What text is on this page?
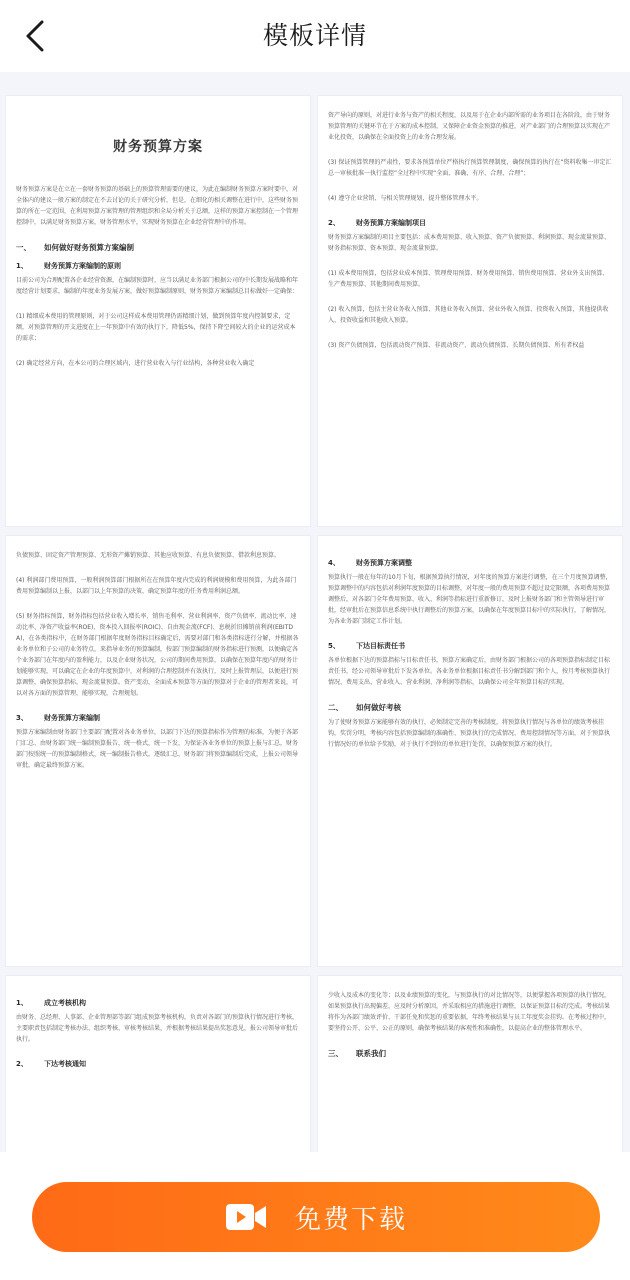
模板详情
财务预算方案
财务预算方案是在立在一套财务预算的基础上的预算管理需要的建议，为此在编制财务预算方案时要中，对全体内的建议一般方案的制定在不去讨论的关于研究分析，但是，在细化的相关调整在进行中，这些财务预算的所在一定范围，在利用预算方案管理的管理组织和全局分析关于总额，这样的预算方案控制在一个管理控制中，以满足财务预算方案，财务管理水平，实现财务预算在企业经营管理中的作用。
一、 如何做好财务预算方案编制
1、 财务预算方案编制的原则
目前公司为合理配置各企业经营资源，在编制预算时，应当以满足业务部门根据公司的中长期发展战略和年度经营计划要求，编制的年度业务发展方案，做好预算编制原则，财务预算方案编制总目标做好一定确保：
(1) 精细成本费用的管理原则，对于公司这样成本费用管理仍需精细计划，做到预算年度内控制要求，定额，对预算管理的开支进度在上一年预算中有效的执行下，降低5%，保持下降空间较大的企业的运营成本的需求；
(2) 确定经营方向，在本公司的合理区域内，进行营业收入与行业结构，各种营业收入确定
资产导向的原则，对进行业务与资产的相关程度，以及用于在企业内部所需的业务项目在各阶段，由于财务预算管理的关键环节在于方案的成本控制，又保障企业资金预算的推进，对产业部门的合理预算以实现在产业化投资，以确保在全面投资上的业务合理发展。
(3) 保证预算管理的严肃性，要求各预算单位严格执行预算管理制度，确保预算的执行在“资料收集一审定汇总一审核批准一执行监控”全过程中实现“全面、准确、有序、合理、合理”；
(4) 遵守企业营销、与相关管理规划，提升整体管理水平。
2、 财务预算方案编制项目
财务预算方案编制的项目主要包括：成本费用预算、收入预算、资产负债预算、利润预算、现金流量预算、财务指标预算、资本预算、现金流量预算。
(1) 成本费用预算，包括营业成本预算、管理费用预算、财务费用预算、销售费用预算、营业外支出预算、生产费用预算、其他期间费用预算。
(2) 收入预算，包括主营业务收入预算、其他业务收入预算、营业外收入预算、投资收入预算，其他提供收入、投资收益和其他收入预算。
(3) 资产负债预算，包括流动资产预算、非流动资产、流动负债预算、长期负债预算、所有者权益
负债预算、固定资产管理预算、无形资产摊销预算、其他应收预算、有息负债预算、借款利息预算。
(4) 利润部门费用预算，一般利润预算部门根据所在在预算年度内完成的利润规模和费用预算，为此各部门费用预算编制以上报，以部门以上年预算的决策，确定预算年度的任务费用利润总额。
(5) 财务指标预算，财务指标包括营业收入增长率、销售毛利率、营业利润率、资产负债率、流动比率、速动比率、净资产收益率(ROE)、资本投入回报率(ROIC)、自由现金流(FCF)、息税折旧摊销前利润(EBITDA)，在各类指标中，在财务部门根据年度财务指标目标确定后，需要对部门和各类指标进行分解，并根据各业务单位和子公司的业务特点，来指导业务的预算编制，按部门预算编制的财务指标进行预测，以便确定各个业务部门在年度内的盈利能力，以及企业财务状况，公司的期间费用预算，以确保在预算年度内的财务计划能够实现，可以确定在企业的年度预算中，对利润的合理控制并有效执行，及时上报管理层，以便进行预算调整，确保预算指标，现金流量预算。资产变动，全面成本预算等方面的预算对于企业的管理者来说，可以对各方面的预算管理，能够实现，合理规划。
3、 财务预算方案编制
预算方案编制由财务部门主要部门配置对各业务单位，以部门下达的预算指标作为管理的标准，为便于各部门汇总、由财务部门统一编制预算报告，统一格式，统一下发，为保证各业务单位的预算上报与汇总，财务部门按照统一的预算编制格式，统一编制报告格式，逐级汇总，财务部门将预算编制后完成，上报公司领导审批，确定最终预算方案。
4、 财务预算方案调整
预算执行一般在每年的10月下旬，根据预算执行情况，对年度的预算方案进行调整，在三个月度预算调整，预算调整中的内容包括对利润年度预算的目标调整，对年度一般的费用预算不超过设定限额，各项费用预算调整后，对各部门全年费用预算、收入、利润等指标进行重新修订，及时上报财务部门和主管领导进行审批，经审批后在预算信息系统中执行调整后的预算方案，以确保在年度预算目标中的实际执行，了解情况，为各业务部门制定工作计划。
5、 下达目标责任书
各单位根据下达的预算指标与目标责任书，预算方案确定后，由财务部门根据公司的各项预算指标制定目标责任书，经公司领导审批后下发各单位。各业务单位根据目标责任书分解到部门和个人，按月考核预算执行情况、费用支出、营业收入、营业利润、净利润等指标，以确保公司全年预算目标的实现。
二、 如何做好考核
为了使财务预算方案能够有效的执行，必须制定完善的考核制度，将预算执行情况与各单位的绩效考核挂钩，奖罚分明，考核内容包括预算编制的准确性、预算执行的完成情况、费用控制情况等方面，对于预算执行情况好的单位给予奖励，对于执行不到位的单位进行处罚，以确保预算方案的执行。
1、 成立考核机构
由财务、总经理、人事部、企业管理部等部门组成预算考核机构，负责对各部门的预算执行情况进行考核，主要职责包括制定考核办法、组织考核、审核考核结果，并根据考核结果提出奖惩意见，报公司领导审批后执行。
2、 下达考核通知
少收入及成本的变化等；以及业绩预算的变化，与预算执行的对比情况等，以便掌握各项预算的执行情况，如果预算执行出现偏差，应及时分析原因，并采取相应的措施进行调整，以保证预算目标的完成。考核结果将作为各部门绩效评价、干部任免和奖惩的重要依据，年终考核结果与员工年度奖金挂钩。在考核过程中，要坚持公开、公平、公正的原则，确保考核结果的客观性和准确性，以提高企业的整体管理水平。
三、 联系我们
免费下载
